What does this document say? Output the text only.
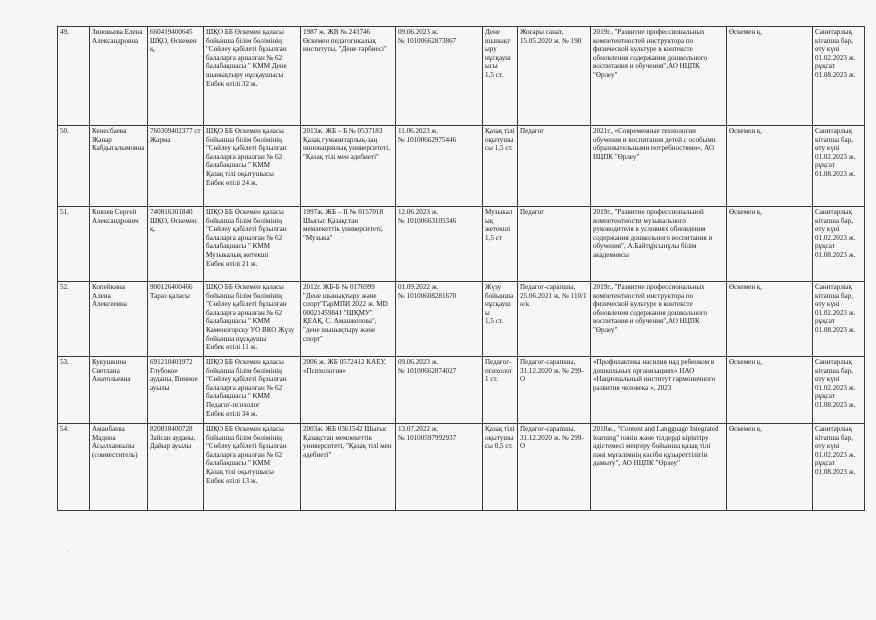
49.	Зиновьева Елена Александровна	660419400645 ШҚО, Өскемен қ.	ШҚО ББ Өскемен қаласы бойынша білім бөлімінің "Сөйлеу қабілеті бұзылған балаларға арналған № 62 балабақшасы " КММ Дене шынықтыру нұсқаушысы
Енбек өтілі 32 ж.	1987 ж. ЖВ № 243746 Өскемен педагогикалық институты, "Дене тәрбиесі"	09.06.2023 ж.
№ 10100662873867	Дене шынықтыру нұсқаушысы
1,5 ст.	Жоғары санат, 15.05.2020 ж. № 190	2019г., "Развитие профессиональных компетентностей инструктора по физической культуре в контексте обновления содержания дошкольного воспитания и обучения",АО НЦПК "Өрлеу"	Өскемен қ.	Санитарлық кітапша бар, өту күні 01.02.2023 ж. рұқсат 01.08.2023 ж.
50.	Кенесбаева Жанар Кабдыгалымовна	760309402377 ст Жарма	ШҚО ББ Өскемен қаласы бойынша білім бөлімінің "Сөйлеу қабілеті бұзылған балаларға арналған № 62 балабақшасы " КММ
Қазақ тілі оқытушысы
Енбек өтілі 24 ж.	2013ж. ЖБ – Б № 0537183 Қазақ гуманитарлық-заң инновациялық университеті, "Қазақ тілі мен әдебиеті"	11.06.2023 ж.
№ 10100662975446	Қазақ тілі оқытушысы 1,5 ст.	Педагог	2021г., «Современные технологии обучения и воспитания детей с особыми образовательными потребностями», АО НЦПК "Өрлеу"	Өскемен қ.	Санитарлық кітапша бар, өту күні 01.02.2023 ж. рұқсат 01.08.2023 ж.
51.	Князев Сергей Александрович	740816301840 ШҚО, Өскемен қ.	ШҚО ББ Өскемен қаласы бойынша білім бөлімінің "Сөйлеу қабілеті бұзылған балаларға арналған № 62 балабақшасы " КММ
Музыкалық жетекші
Енбек өтілі 21 ж.	1997ж. ЖБ – II № 0157018 Шығыс Қазақстан мемлекеттік университеті, "Музыка"	12.06.2023 ж.
№ 10100663105346	Музыкалық жетекші
1,5 ст	Педагог	2019г., "Развитие профессиональной компетентности музыкального руководителя в условиях обновления содержания дошкольного воспитания и обучения", А.Байтұрсынұлы білім академиясы	Өскемен қ.	Санитарлық кітапша бар, өту күні 01.02.2023 ж. рұқсат 01.08.2023 ж.
52.	Копейкина Алена Алексеевна	900126400466 Тараз қаласы	ШҚО ББ Өскемен қаласы бойынша білім бөлімінің "Сөйлеу қабілеті бұзылған балаларға арналған № 62 балабақшасы " КММ Каменогорску УО ВКО Жүзу бойынша нұсқаушы
Енбек өтілі 11 ж.	2012г. ЖБ-Б № 0176999 "Дене шынықтыру және спорт"ГарМПИ 2022 ж. MD 00021459841 "ШҚМУ" ҚЕАҚ, С. Аманжолова", "дене шынықтыру және спорт"	01.09.2022 ж.
№ 10100608281670	Жүзу бойынша нұсқаушы
1,5 ст.	Педагог-сарапшы, 25.06.2021 ж. № 110/1 н/к	2019г., "Развитие профессиональных компетентностей инструктора по физической культуре в контексте обновления содержания дошкольного воспитания и обучения",АО НЦПК "Өрлеу"	Өскемен қ.	Санитарлық кітапша бар, өту күні 01.02.2023 ж. рұқсат 01.08.2023 ж.
53.	Кукушкина Светлана Анатольевна	691210401972 Глубокое ауданы, Винное ауылы	ШҚО ББ Өскемен қаласы бойынша білім бөлімінің "Сөйлеу қабілеті бұзылған балаларға арналған № 62 балабақшасы " КММ
Педагог-психолог
Енбек өтілі 34 ж.	2006 ж. ЖБ 0572412 КАЕУ, «Психология»	09.06.2023 ж.
№ 10100662874027	Педагог-психолог 1 ст.	Педагог-сарапшы, 31.12.2020 ж. № 299-О	«Профилактика насилия над ребенком в дошкольных организациях» НАО «Национальный институт гармоничного развития человека », 2023	Өскемен қ.	Санитарлық кітапша бар, өту күні 01.02.2023 ж. рұқсат 01.08.2023 ж.
54.	Аманбаева Мадина Асылханкызы (совместитель)	820818400728 Зайсан ауданы, Дайыр ауылы	ШҚО ББ Өскемен қаласы бойынша білім бөлімінің "Сөйлеу қабілеті бұзылған балаларға арналған № 62 балабақшасы " КММ
Қазақ тілі оқытушысы
Енбек өтілі 13 ж.	2003ж. ЖБ 0361542 Шығыс Қазақстан мемлекеттік университеті, "Қазақ тілі мен әдебиеті"	13.07.2022 ж.
№ 10100597992937	Қазақ тілі оқытушысы 0,5 ст.	Педагог-сарапшы, 31.12.2020 ж. № 299-О	2018ж., "Content and Langguage Integrated learning" пәнін және тілдерді кіріктіру әдістемесі меңгеру бойынша қазақ тілі пəні мұғалімнің кəсіби құзыреттілігін дамыту", АО НЦПК "Өрлеу"	Өскемен қ.	Санитарлық кітапша бар, өту күні 01.02.2023 ж. рұқсат 01.08.2023 ж.
·
